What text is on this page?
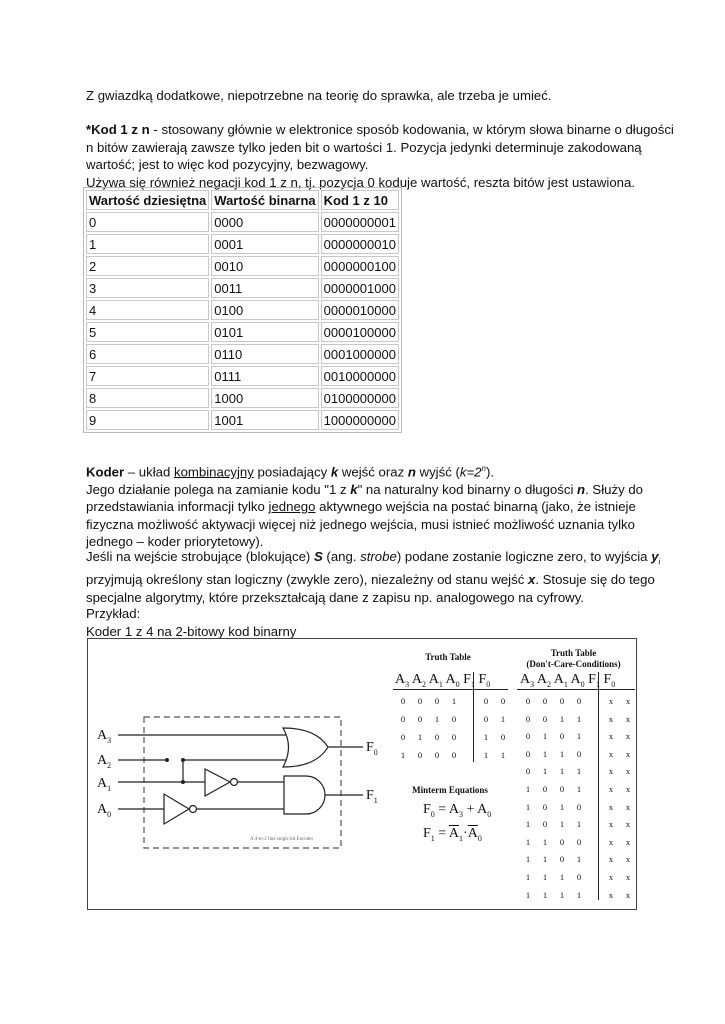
Z gwiazdką dodatkowe, niepotrzebne na teorię do sprawka, ale trzeba je umieć.

*Kod 1 z n - stosowany głównie w elektronice sposób kodowania, w którym słowa binarne o długości

n bitów zawierają zawsze tylko jeden bit o wartości 1. Pozycja jedynki determinuje zakodowaną

wartość; jest to więc kod pozycyjny, bezwagowy.

Używa się również negacji kod 1 z n, tj. pozycja 0 koduje wartość, reszta bitów jest ustawiona.

Wartość dziesiętna	Wartość binarna	Kod 1 z 10
0	0000	0000000001
1	0001	0000000010
2	0010	0000000100
3	0011	0000001000
4	0100	0000010000
5	0101	0000100000
6	0110	0001000000
7	0111	0010000000
8	1000	0100000000
9	1001	1000000000

Koder – układ kombinacyjny posiadający k wejść oraz n wyjść $(k=2^n)$.

Jego działanie polega na zamianie kodu "1 z k" na naturalny kod binarny o długości n. Służy do

przedstawiania informacji tylko jednego aktywnego wejścia na postać binarną (jako, że istnieje

fizyczna możliwość aktywacji więcej niż jednego wejścia, musi istnieć możliwość uznania tylko

jednego – koder priorytetowy).

Jeśli na wejście strobujące (blokujące) S (ang. strobe) podane zostanie logiczne zero, to wyjścia $y_i$

przyjmują określony stan logiczny (zwykle zero), niezależny od stanu wejść x. Stosuje się do tego

specjalne algorytmy, które przekształcają dane z zapisu np. analogowego na cyfrowy.

Przykład:

Koder 1 z 4 na 2-bitowy kod binarny

$A_3$
$A_2$
$A_1$
$A_0$
$F_0$
$F_1$
A 4-to-2 line single bit Encoder
Truth Table
$A_3$ $A_2$ $A_1$ $A_0$ $F_1$ $F_0$
0	0	0	1	0	0
0	0	1	0	0	1
0	1	0	0	1	0
1	0	0	0	1	1
Minterm Equations
$F_0 = A_3 + A_0$
$F_1 = \overline{A}_1\cdot\overline{A}_0$
Truth Table
(Don't-Care-Conditions)
$A_3$ $A_2$ $A_1$ $A_0$ $F_1$ $F_0$
0	0	0	0	x	x
0	0	1	1	x	x
0	1	0	1	x	x
0	1	1	0	x	x
0	1	1	1	x	x
1	0	0	1	x	x
1	0	1	0	x	x
1	0	1	1	x	x
1	1	0	0	x	x
1	1	0	1	x	x
1	1	1	0	x	x
1	1	1	1	x	x
